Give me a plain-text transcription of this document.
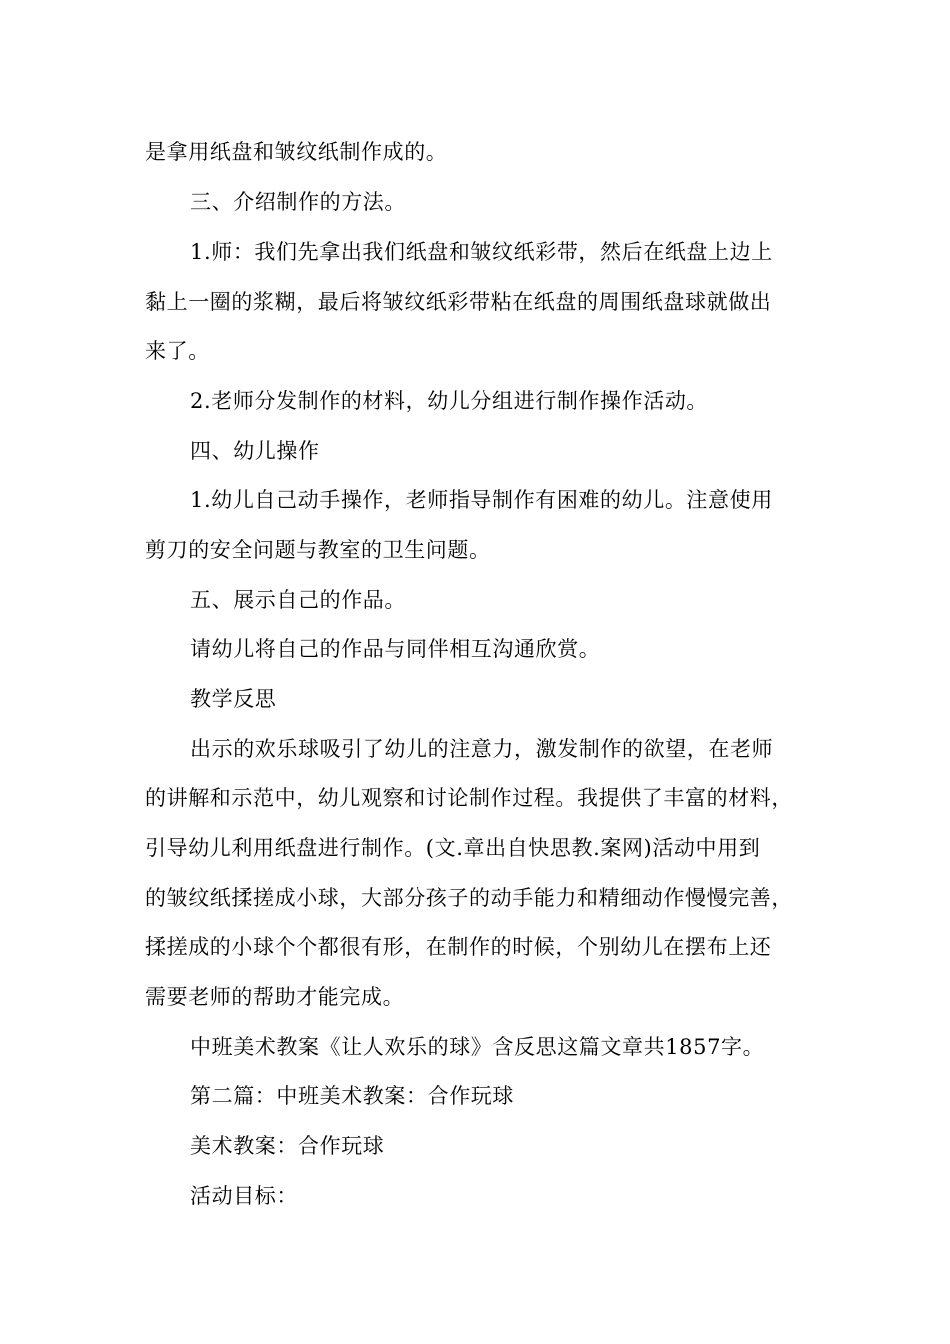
是拿用纸盘和皱纹纸制作成的。
三、介绍制作的方法。
1.师：我们先拿出我们纸盘和皱纹纸彩带，然后在纸盘上边上
黏上一圈的浆糊，最后将皱纹纸彩带粘在纸盘的周围纸盘球就做出
来了。
2.老师分发制作的材料，幼儿分组进行制作操作活动。
四、幼儿操作
1.幼儿自己动手操作，老师指导制作有困难的幼儿。注意使用
剪刀的安全问题与教室的卫生问题。
五、展示自己的作品。
请幼儿将自己的作品与同伴相互沟通欣赏。
教学反思
出示的欢乐球吸引了幼儿的注意力，激发制作的欲望，在老师
的讲解和示范中，幼儿观察和讨论制作过程。我提供了丰富的材料，
引导幼儿利用纸盘进行制作。(文.章出自快思教.案网)活动中用到
的皱纹纸揉搓成小球，大部分孩子的动手能力和精细动作慢慢完善，
揉搓成的小球个个都很有形，在制作的时候，个别幼儿在摆布上还
需要老师的帮助才能完成。
中班美术教案《让人欢乐的球》含反思这篇文章共1857字。
第二篇：中班美术教案：合作玩球
美术教案：合作玩球
活动目标：
